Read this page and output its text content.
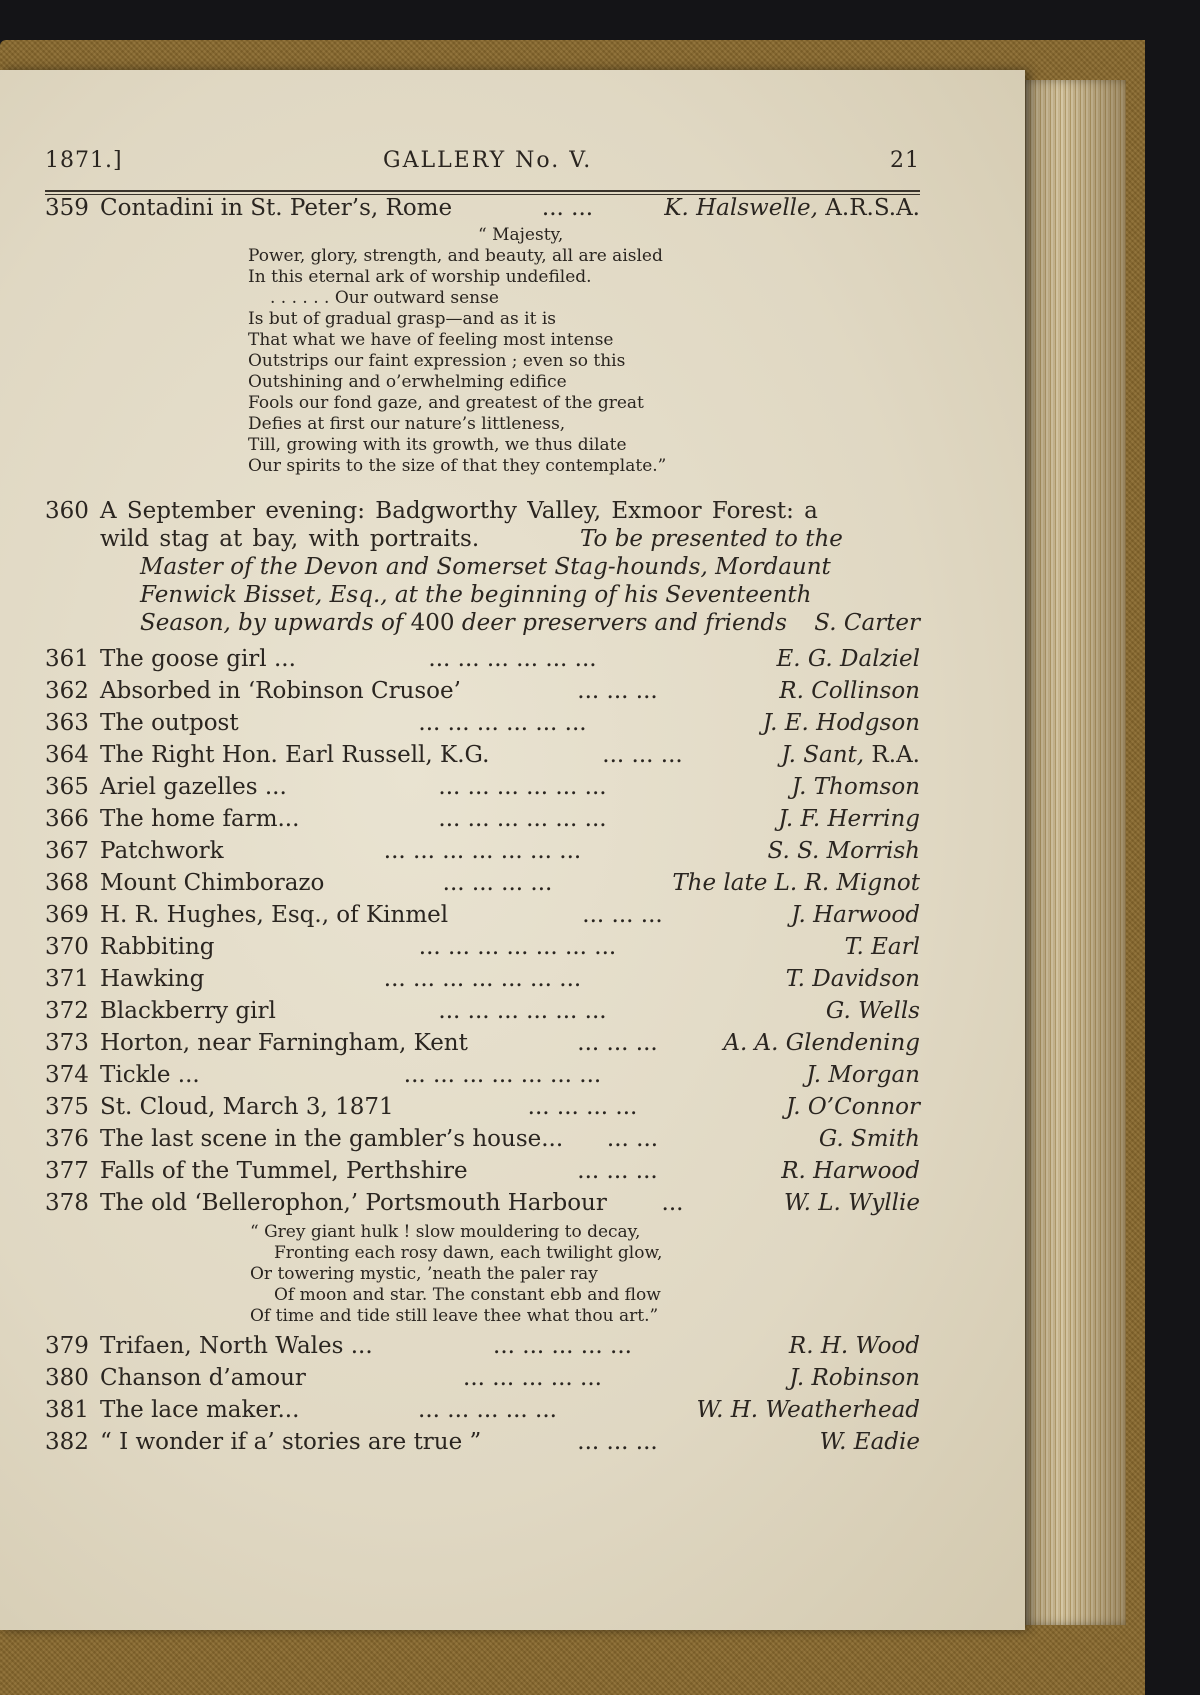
1871.]	GALLERY No. V.	21
359 Contadini in St. Peter’s, Rome	... ...	K. Halswelle, A.R.S.A.
“ Majesty,
Power, glory, strength, and beauty, all are aisled
In this eternal ark of worship undefiled.
. . . . . . Our outward sense
Is but of gradual grasp—and as it is
That what we have of feeling most intense
Outstrips our faint expression ; even so this
Outshining and o’erwhelming edifice
Fools our fond gaze, and greatest of the great
Defies at first our nature’s littleness,
Till, growing with its growth, we thus dilate
Our spirits to the size of that they contemplate.”
360 A September evening: Badgworthy Valley, Exmoor Forest: a
wild stag at bay, with portraits.	To be presented to the
Master of the Devon and Somerset Stag-hounds, Mordaunt
Fenwick Bisset, Esq., at the beginning of his Seventeenth
Season, by upwards of 400 deer preservers and friends S. Carter
361 The goose girl ...	... ... ... ... ... ...	E. G. Dalziel
362 Absorbed in ‘Robinson Crusoe’	... ... ...	R. Collinson
363 The outpost	... ... ... ... ... ...	J. E. Hodgson
364 The Right Hon. Earl Russell, K.G.	... ... ...	J. Sant, R.A.
365 Ariel gazelles ...	... ... ... ... ... ...	J. Thomson
366 The home farm...	... ... ... ... ... ...	J. F. Herring
367 Patchwork	... ... ... ... ... ... ...	S. S. Morrish
368 Mount Chimborazo	... ... ... ...	The late L. R. Mignot
369 H. R. Hughes, Esq., of Kinmel	... ... ...	J. Harwood
370 Rabbiting	... ... ... ... ... ... ...	T. Earl
371 Hawking	... ... ... ... ... ... ...	T. Davidson
372 Blackberry girl	... ... ... ... ... ...	G. Wells
373 Horton, near Farningham, Kent	... ... ...	A. A. Glendening
374 Tickle ...	... ... ... ... ... ... ...	J. Morgan
375 St. Cloud, March 3, 1871	... ... ... ...	J. O’Connor
376 The last scene in the gambler’s house...	... ...	G. Smith
377 Falls of the Tummel, Perthshire	... ... ...	R. Harwood
378 The old ‘Bellerophon,’ Portsmouth Harbour	...	W. L. Wyllie
“ Grey giant hulk ! slow mouldering to decay,
Fronting each rosy dawn, each twilight glow,
Or towering mystic, ’neath the paler ray
Of moon and star. The constant ebb and flow
Of time and tide still leave thee what thou art.”
379 Trifaen, North Wales ...	... ... ... ... ...	R. H. Wood
380 Chanson d’amour	... ... ... ... ...	J. Robinson
381 The lace maker...	... ... ... ... ...	W. H. Weatherhead
382 “ I wonder if a’ stories are true ”	... ... ...	W. Eadie
